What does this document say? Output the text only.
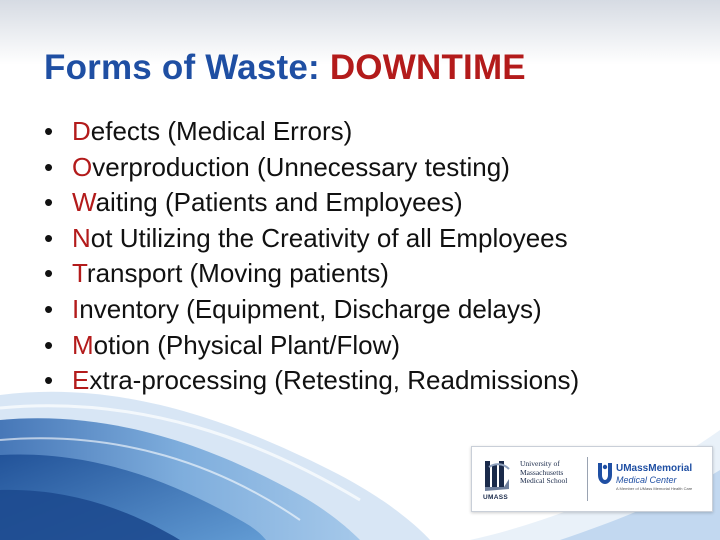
Forms of Waste: DOWNTIME
• Defects (Medical Errors)
• Overproduction (Unnecessary testing)
• Waiting (Patients and Employees)
• Not Utilizing the Creativity of all Employees
• Transport (Moving patients)
• Inventory (Equipment, Discharge delays)
• Motion (Physical Plant/Flow)
• Extra-processing (Retesting, Readmissions)
UMASS
University of
Massachusetts
Medical School
UMassMemorial
Medical Center
A Member of UMass Memorial Health Care
